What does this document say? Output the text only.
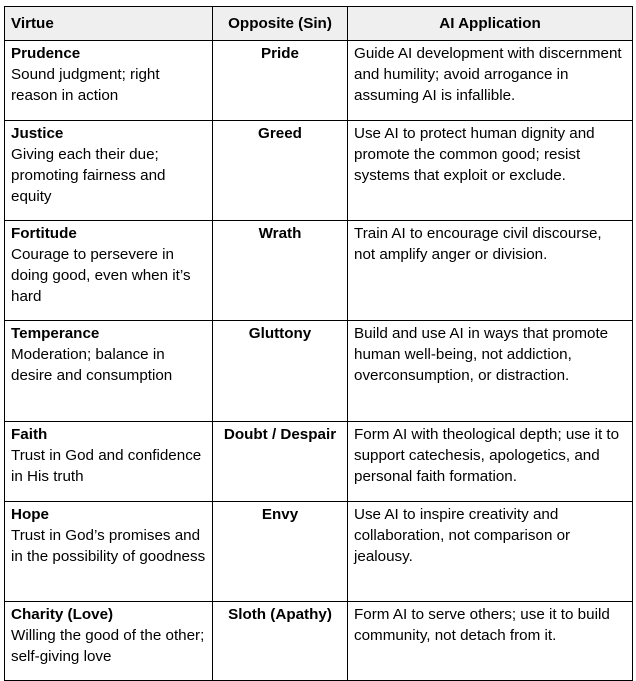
Virtue	Opposite (Sin)	AI Application

Prudence
Sound judgment; right reason in action	Pride	Guide AI development with discernment and humility; avoid arrogance in assuming AI is infallible.

Justice
Giving each their due; promoting fairness and equity	Greed	Use AI to protect human dignity and promote the common good; resist systems that exploit or exclude.

Fortitude
Courage to persevere in doing good, even when it’s hard	Wrath	Train AI to encourage civil discourse, not amplify anger or division.

Temperance
Moderation; balance in desire and consumption	Gluttony	Build and use AI in ways that promote human well-being, not addiction, overconsumption, or distraction.

Faith
Trust in God and confidence in His truth	Doubt / Despair	Form AI with theological depth; use it to support catechesis, apologetics, and personal faith formation.

Hope
Trust in God’s promises and in the possibility of goodness	Envy	Use AI to inspire creativity and collaboration, not comparison or jealousy.

Charity (Love)
Willing the good of the other; self-giving love	Sloth (Apathy)	Form AI to serve others; use it to build community, not detach from it.
